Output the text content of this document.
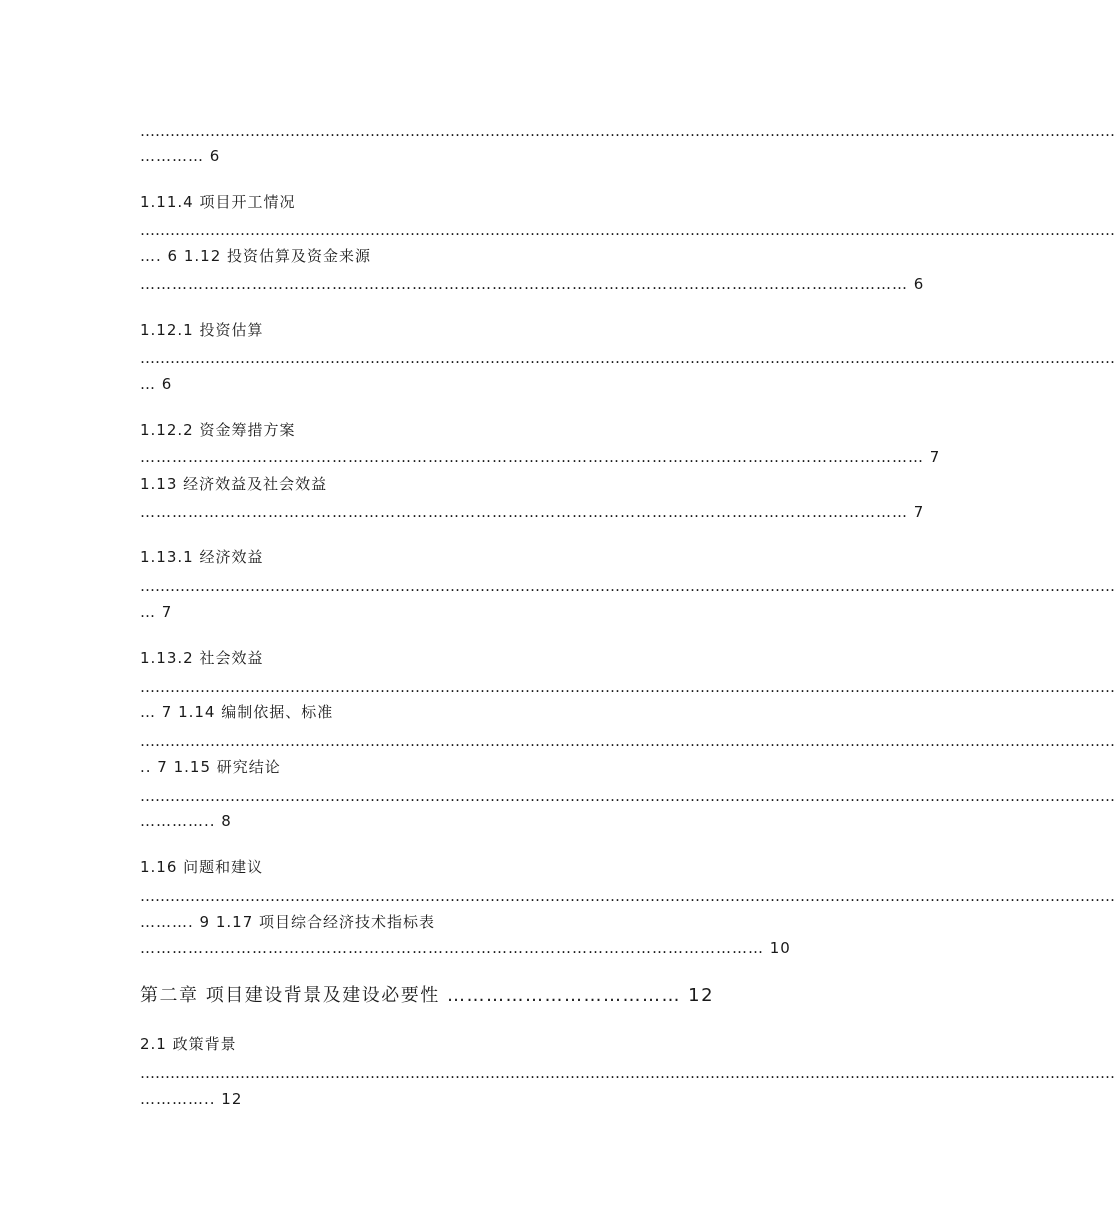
……………………………………………………………………………………………………………………………………………………………………………
………… 6
1.11.4 项目开工情况
……………………………………………………………………………………………………………………………………………………………………………
…. 6 1.12 投资估算及资金来源
……………………………………………………………………………………………………………………………… 6
1.12.1 投资估算
……………………………………………………………………………………………………………………………………………………………………………
… 6
1.12.2 资金筹措方案
………………………………………………………………………………………………………………………………… 7
1.13 经济效益及社会效益
……………………………………………………………………………………………………………………………… 7
1.13.1 经济效益
……………………………………………………………………………………………………………………………………………………………………………
… 7
1.13.2 社会效益
……………………………………………………………………………………………………………………………………………………………………………
… 7 1.14 编制依据、标准
……………………………………………………………………………………………………………………………………………………………………………
.. 7 1.15 研究结论
……………………………………………………………………………………………………………………………………………………………………………
………….. 8
1.16 问题和建议
……………………………………………………………………………………………………………………………………………………………………………
………. 9 1.17 项目综合经济技术指标表
……………………………………………………………………………………………………… 10
第二章 项目建设背景及建设必要性 ……………………………… 12
2.1 政策背景
……………………………………………………………………………………………………………………………………………………………………………
………….. 12
